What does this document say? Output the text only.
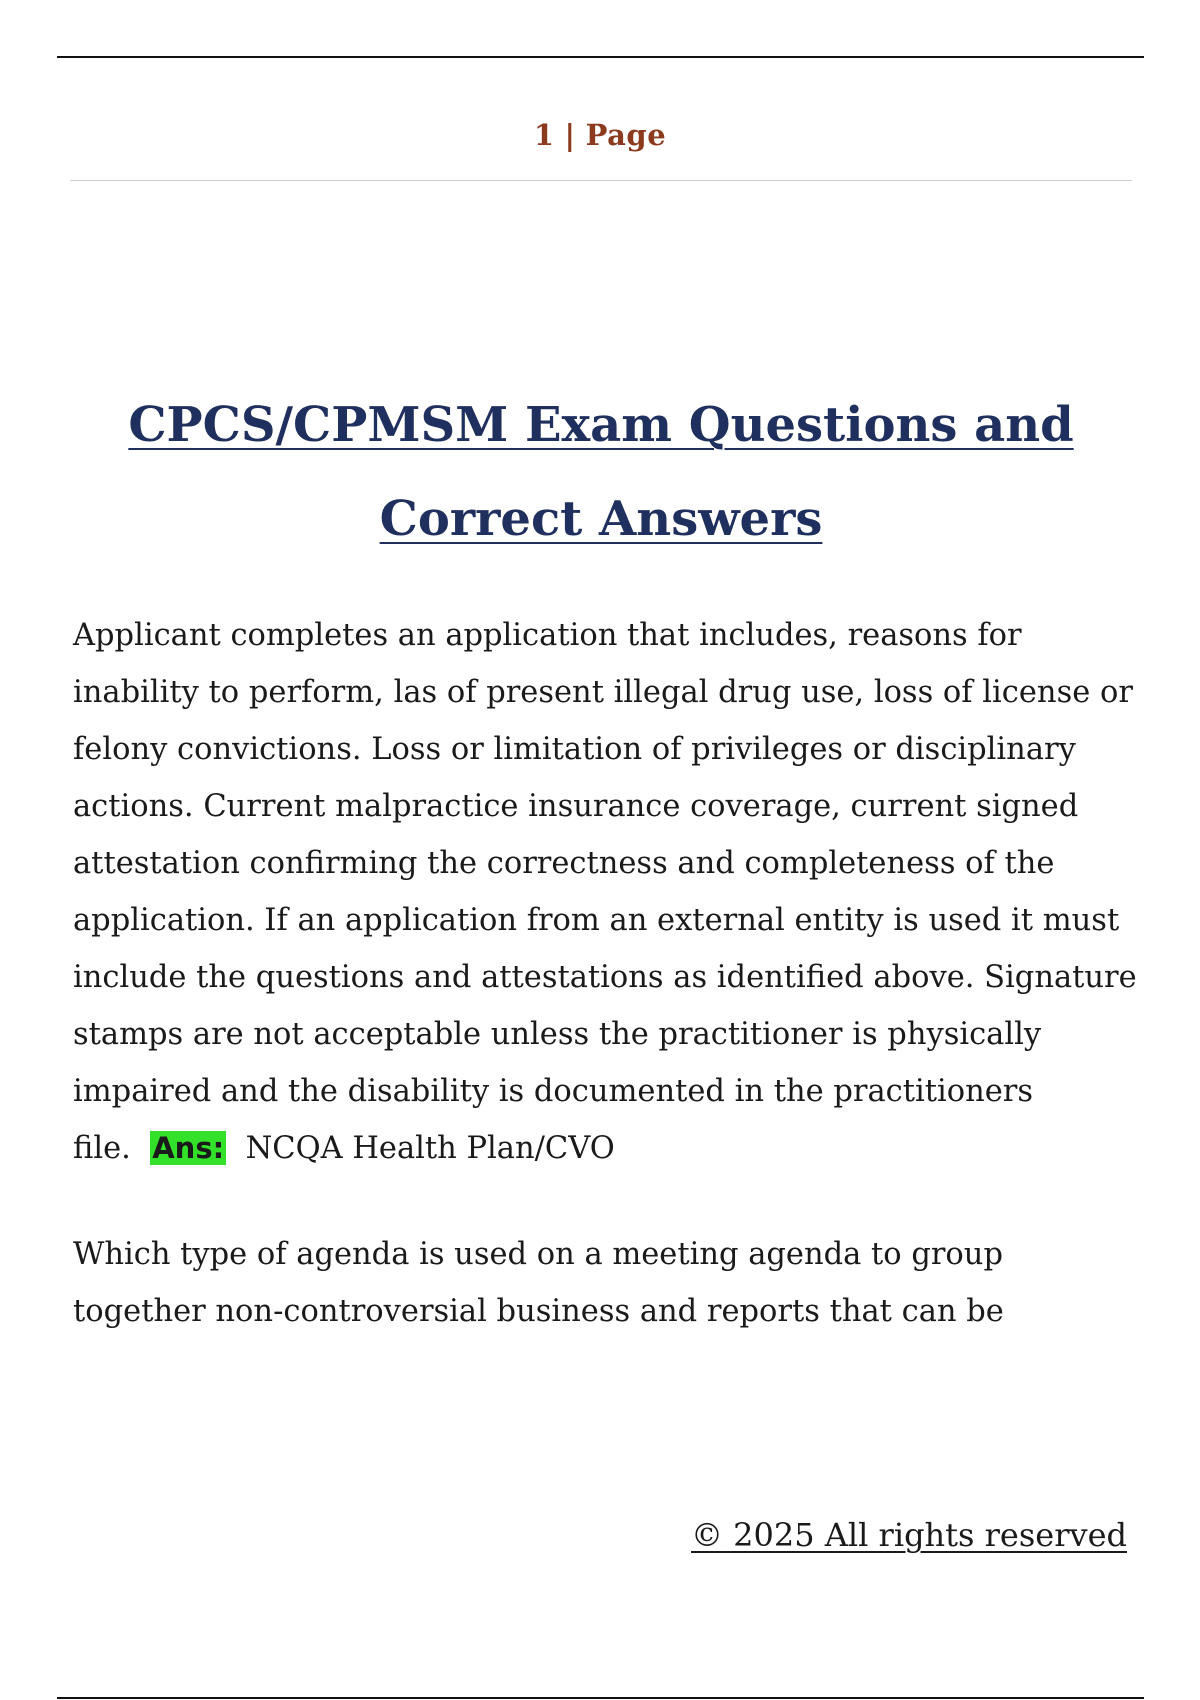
1 | Page
CPCS/CPMSM Exam Questions and Correct Answers

Applicant completes an application that includes, reasons for inability to perform, las of present illegal drug use, loss of license or felony convictions. Loss or limitation of privileges or disciplinary actions. Current malpractice insurance coverage, current signed attestation confirming the correctness and completeness of the application. If an application from an external entity is used it must include the questions and attestations as identified above. Signature stamps are not acceptable unless the practitioner is physically impaired and the disability is documented in the practitioners file. Ans: NCQA Health Plan/CVO

Which type of agenda is used on a meeting agenda to group together non-controversial business and reports that can be

© 2025 All rights reserved
